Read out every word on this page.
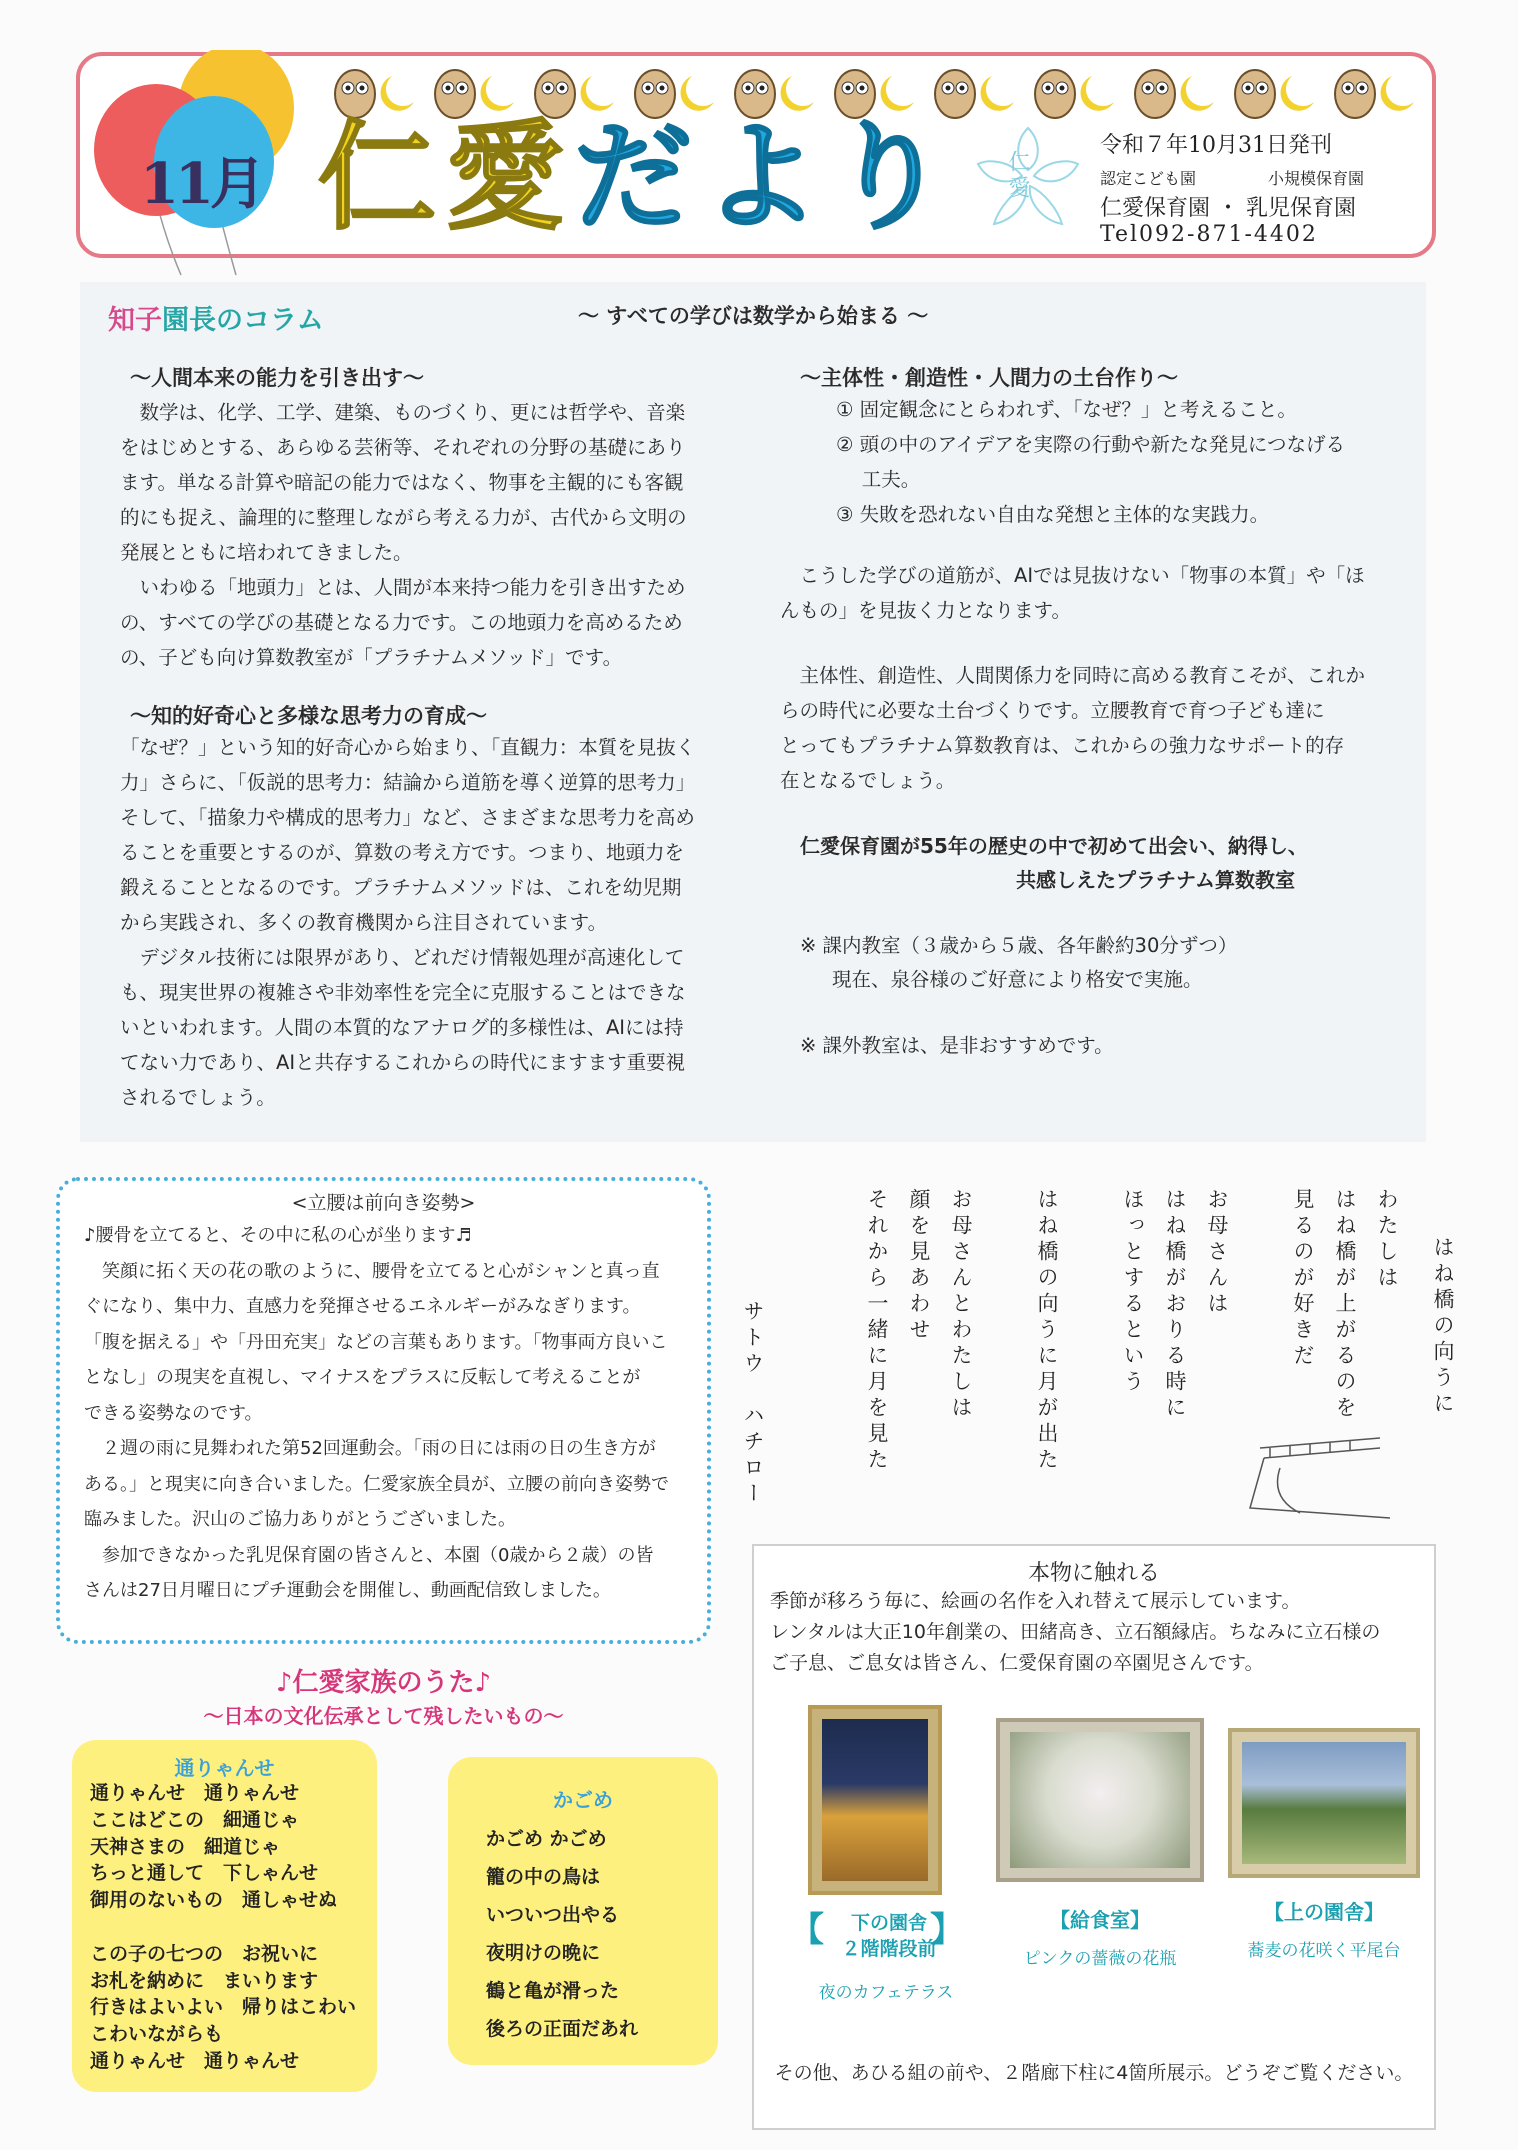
11月 仁愛だより 仁愛
令和７年10月31日発刊
認定こども園	小規模保育園
仁愛保育園 ・ 乳児保育園
Tel092-871-4402
知子園長のコラム	～ すべての学びは数学から始まる ～
～人間本来の能力を引き出す～
　数学は、化学、工学、建築、ものづくり、更には哲学や、音楽
をはじめとする、あらゆる芸術等、それぞれの分野の基礎にあり
ます。単なる計算や暗記の能力ではなく、物事を主観的にも客観
的にも捉え、論理的に整理しながら考える力が、古代から文明の
発展とともに培われてきました。
　いわゆる「地頭力」とは、人間が本来持つ能力を引き出すため
の、すべての学びの基礎となる力です。この地頭力を高めるため
の、子ども向け算数教室が「プラチナムメソッド」です。
～知的好奇心と多様な思考力の育成～
「なぜ？」という知的好奇心から始まり、「直観力：本質を見抜く
力」さらに、「仮説的思考力：結論から道筋を導く逆算的思考力」
そして、「描象力や構成的思考力」など、さまざまな思考力を高め
ることを重要とするのが、算数の考え方です。つまり、地頭力を
鍛えることとなるのです。プラチナムメソッドは、これを幼児期
から実践され、多くの教育機関から注目されています。
　デジタル技術には限界があり、どれだけ情報処理が高速化して
も、現実世界の複雑さや非効率性を完全に克服することはできな
いといわれます。人間の本質的なアナログ的多様性は、AIには持
てない力であり、AIと共存するこれからの時代にますます重要視
されるでしょう。
～主体性・創造性・人間力の土台作り～
① 固定観念にとらわれず、「なぜ？」と考えること。
② 頭の中のアイデアを実際の行動や新たな発見につなげる
　 工夫。
③ 失敗を恐れない自由な発想と主体的な実践力。
　こうした学びの道筋が、AIでは見抜けない「物事の本質」や「ほ
んもの」を見抜く力となります。
　主体性、創造性、人間関係力を同時に高める教育こそが、これか
らの時代に必要な土台づくりです。立腰教育で育つ子ども達に
とってもプラチナム算数教育は、これからの強力なサポート的存
在となるでしょう。
仁愛保育園が55年の歴史の中で初めて出会い、納得し、
共感しえたプラチナム算数教室
※ 課内教室（３歳から５歳、各年齢約30分ずつ）
現在、泉谷様のご好意により格安で実施。
※ 課外教室は、是非おすすめです。
<立腰は前向き姿勢>
♪腰骨を立てると、その中に私の心が坐ります♬
　笑顔に拓く天の花の歌のように、腰骨を立てると心がシャンと真っ直
ぐになり、集中力、直感力を発揮させるエネルギーがみなぎります。
「腹を据える」や「丹田充実」などの言葉もあります。「物事両方良いこ
となし」の現実を直視し、マイナスをプラスに反転して考えることが
できる姿勢なのです。
　２週の雨に見舞われた第52回運動会。「雨の日には雨の日の生き方が
ある。」と現実に向き合いました。仁愛家族全員が、立腰の前向き姿勢で
臨みました。沢山のご協力ありがとうございました。
　参加できなかった乳児保育園の皆さんと、本園（0歳から２歳）の皆
さんは27日月曜日にプチ運動会を開催し、動画配信致しました。
♪仁愛家族のうた♪
～日本の文化伝承として残したいもの～
通りゃんせ
通りゃんせ　通りゃんせ
ここはどこの　細通じゃ
天神さまの　細道じゃ
ちっと通して　下しゃんせ
御用のないもの　通しゃせぬ

この子の七つの　お祝いに
お札を納めに　まいります
行きはよいよい　帰りはこわい
こわいながらも
通りゃんせ　通りゃんせ
かごめ
かごめ かごめ
籠の中の鳥は
いついつ出やる
夜明けの晩に
鶴と亀が滑った
後ろの正面だあれ
はね橋の向うに
わたしは
はね橋が上がるのを
見るのが好きだ
お母さんは
はね橋がおりる時に
ほっとするという
はね橋の向うに月が出た
お母さんとわたしは
顔を見あわせ
それから一緒に月を見た
サトウ　ハチロー
本物に触れる
季節が移ろう毎に、絵画の名作を入れ替えて展示しています。
レンタルは大正10年創業の、田緒高き、立石額縁店。ちなみに立石様の
ご子息、ご息女は皆さん、仁愛保育園の卒園児さんです。
【	下の園舎
２階階段前
】
夜のカフェテラス
【給食室】
ピンクの薔薇の花瓶
【上の園舎】
蕎麦の花咲く平尾台
その他、あひる組の前や、２階廊下柱に4箇所展示。どうぞご覧ください。
